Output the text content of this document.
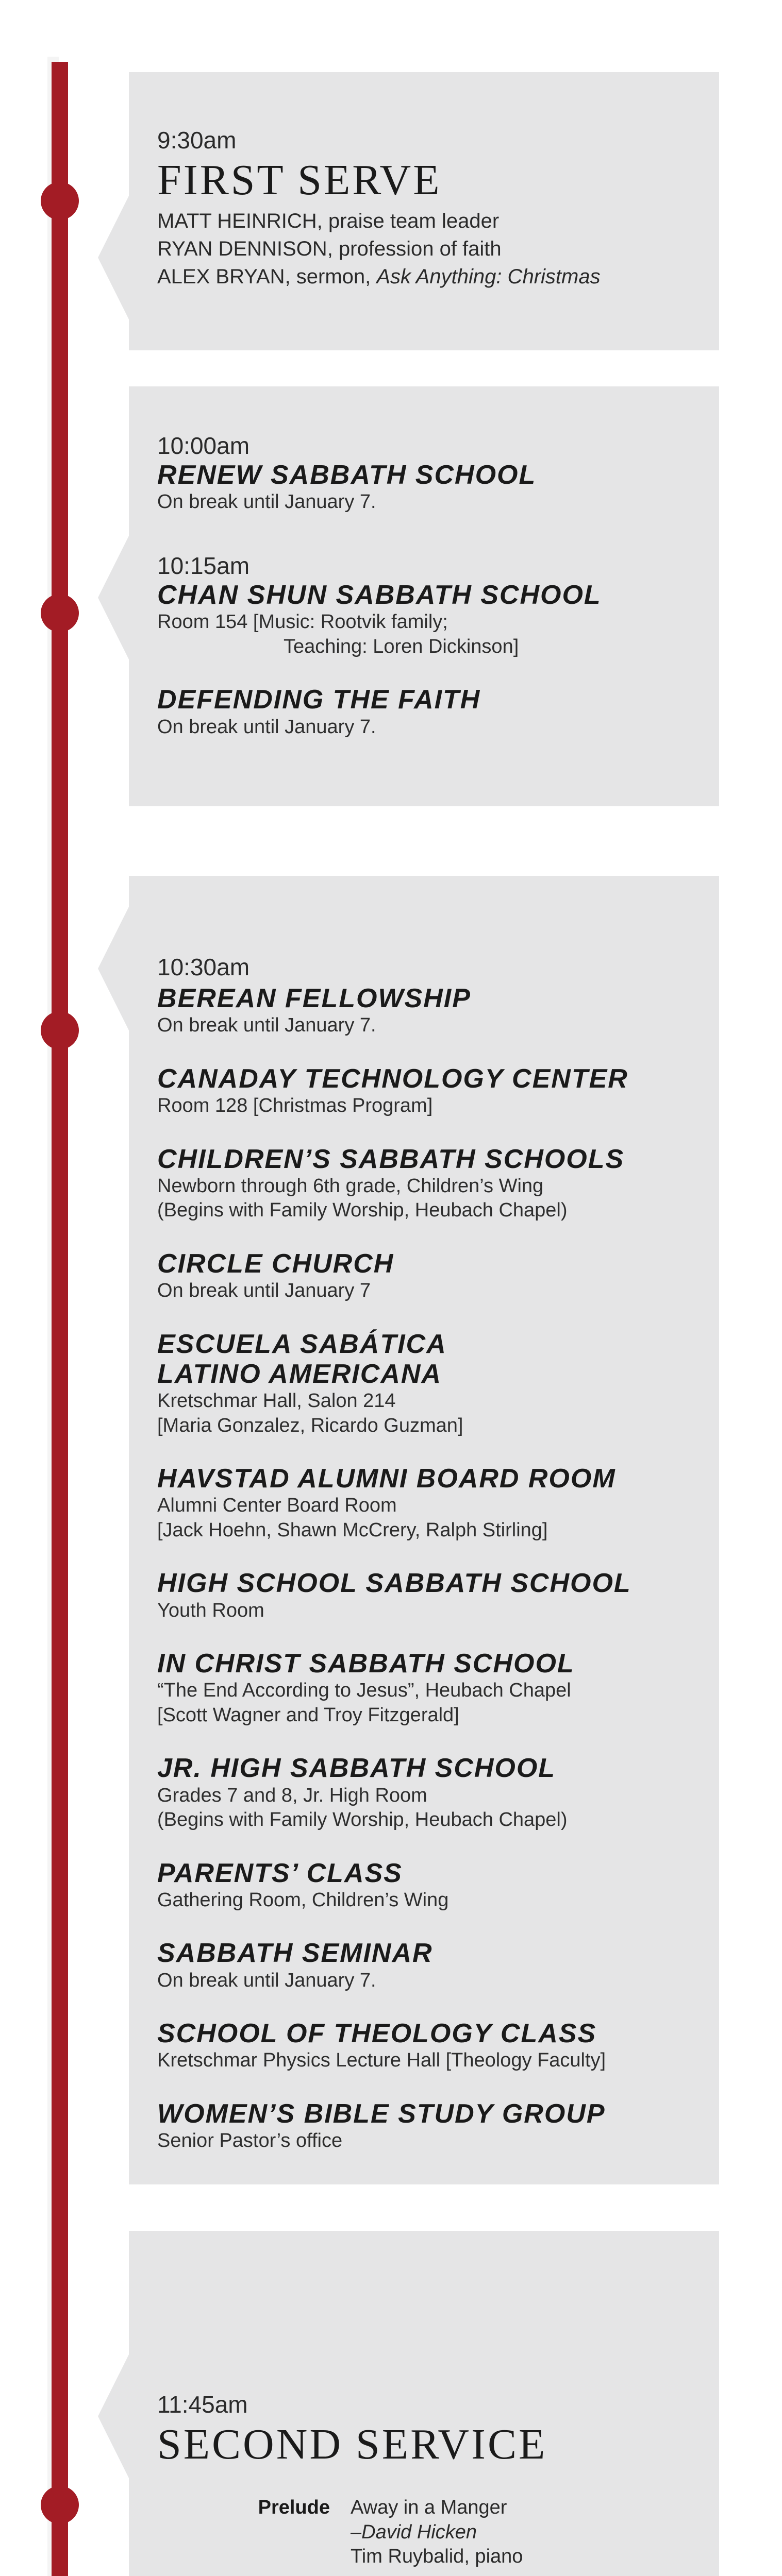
9:30am
FIRST SERVE
MATT HEINRICH, praise team leader
RYAN DENNISON, profession of faith
ALEX BRYAN, sermon, Ask Anything: Christmas
10:00am
RENEW SABBATH SCHOOL
On break until January 7.
10:15am
CHAN SHUN SABBATH SCHOOL
Room 154 [Music: Rootvik family;
Teaching: Loren Dickinson]
DEFENDING THE FAITH
On break until January 7.
10:30am
BEREAN FELLOWSHIP
On break until January 7.
CANADAY TECHNOLOGY CENTER
Room 128 [Christmas Program]
CHILDREN’S SABBATH SCHOOLS
Newborn through 6th grade, Children’s Wing
(Begins with Family Worship, Heubach Chapel)
CIRCLE CHURCH
On break until January 7
ESCUELA SABÁTICA LATINO AMERICANA
Kretschmar Hall, Salon 214
[Maria Gonzalez, Ricardo Guzman]
HAVSTAD ALUMNI BOARD ROOM
Alumni Center Board Room
[Jack Hoehn, Shawn McCrery, Ralph Stirling]
HIGH SCHOOL SABBATH SCHOOL
Youth Room
IN CHRIST SABBATH SCHOOL
“The End According to Jesus”, Heubach Chapel
[Scott Wagner and Troy Fitzgerald]
JR. HIGH SABBATH SCHOOL
Grades 7 and 8, Jr. High Room
(Begins with Family Worship, Heubach Chapel)
PARENTS’ CLASS
Gathering Room, Children’s Wing
SABBATH SEMINAR
On break until January 7.
SCHOOL OF THEOLOGY CLASS
Kretschmar Physics Lecture Hall [Theology Faculty]
WOMEN’S BIBLE STUDY GROUP
Senior Pastor’s office
11:45am
SECOND SERVICE
Prelude	Away in a Manger
–David Hicken
Tim Ruybalid, piano
